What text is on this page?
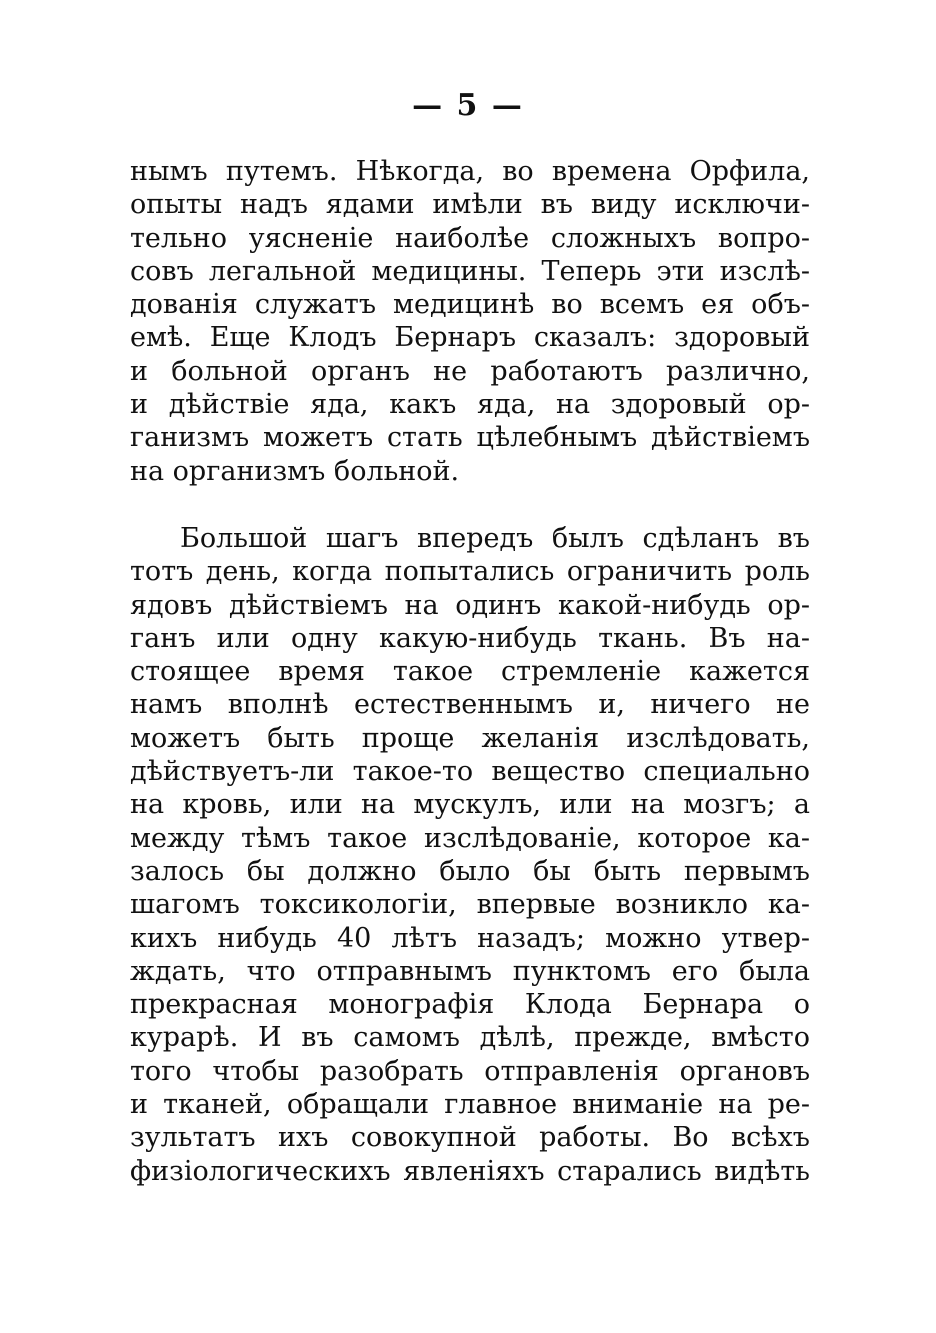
— 5 —
нымъ путемъ. Нѣкогда, во времена Орфила,
опыты надъ ядами имѣли въ виду исключи-
тельно уясненіе наиболѣе сложныхъ вопро-
совъ легальной медицины. Теперь эти изслѣ-
дованія служатъ медицинѣ во всемъ ея объ-
емѣ. Еще Клодъ Бернаръ сказалъ: здоровый
и больной органъ не работаютъ различно,
и дѣйствіе яда, какъ яда, на здоровый ор-
ганизмъ можетъ стать цѣлебнымъ дѣйствіемъ
на организмъ больной.
Большой шагъ впередъ былъ сдѣланъ въ
тотъ день, когда попытались ограничить роль
ядовъ дѣйствіемъ на одинъ какой-нибудь ор-
ганъ или одну какую-нибудь ткань. Въ на-
стоящее время такое стремленіе кажется
намъ вполнѣ естественнымъ и, ничего не
можетъ быть проще желанія изслѣдовать,
дѣйствуетъ-ли такое-то вещество специально
на кровь, или на мускулъ, или на мозгъ; а
между тѣмъ такое изслѣдованіе, которое ка-
залось бы должно было бы быть первымъ
шагомъ токсикологіи, впервые возникло ка-
кихъ нибудь 40 лѣтъ назадъ; можно утвер-
ждать, что отправнымъ пунктомъ его была
прекрасная монографія Клода Бернара о
курарѣ. И въ самомъ дѣлѣ, прежде, вмѣсто
того чтобы разобрать отправленія органовъ
и тканей, обращали главное вниманіе на ре-
зультатъ ихъ совокупной работы. Во всѣхъ
физіологическихъ явленіяхъ старались видѣть
